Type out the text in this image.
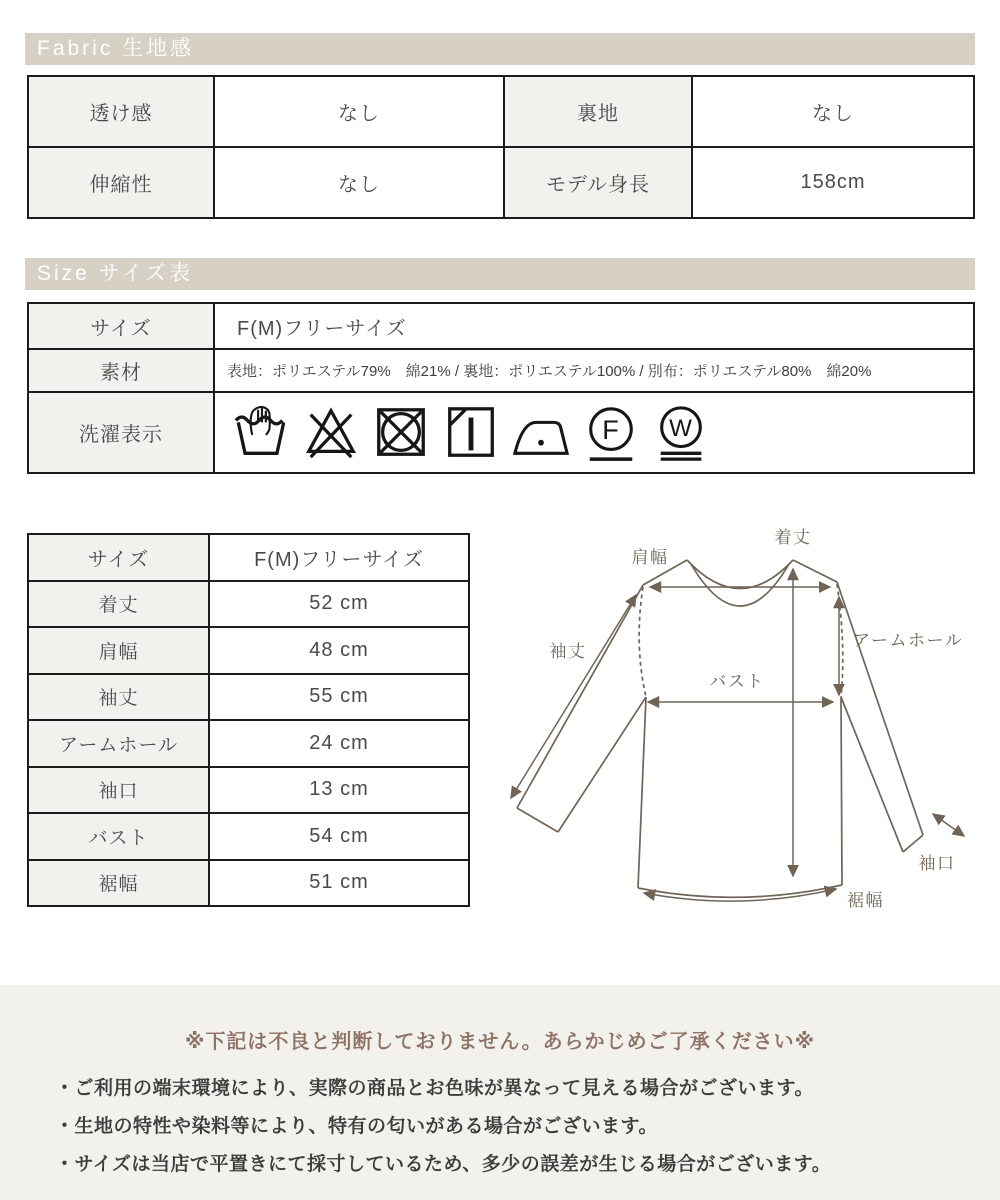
Fabric 生地感
透け感	なし	裏地	なし
伸縮性	なし	モデル身長	158cm
Size サイズ表
サイズ	F(M)フリーサイズ
素材	表地：ポリエステル79%　綿21% / 裏地：ポリエステル100% / 別布：ポリエステル80%　綿20%
洗濯表示	F W
サイズ	F(M)フリーサイズ
着丈	52 cm
肩幅	48 cm
袖丈	55 cm
アームホール	24 cm
袖口	13 cm
バスト	54 cm
裾幅	51 cm
肩幅
着丈
袖丈
アームホール
バスト
袖口
裾幅
※下記は不良と判断しておりません。あらかじめご了承ください※
・ご利用の端末環境により、実際の商品とお色味が異なって見える場合がございます。
・生地の特性や染料等により、特有の匂いがある場合がございます。
・サイズは当店で平置きにて採寸しているため、多少の誤差が生じる場合がございます。
